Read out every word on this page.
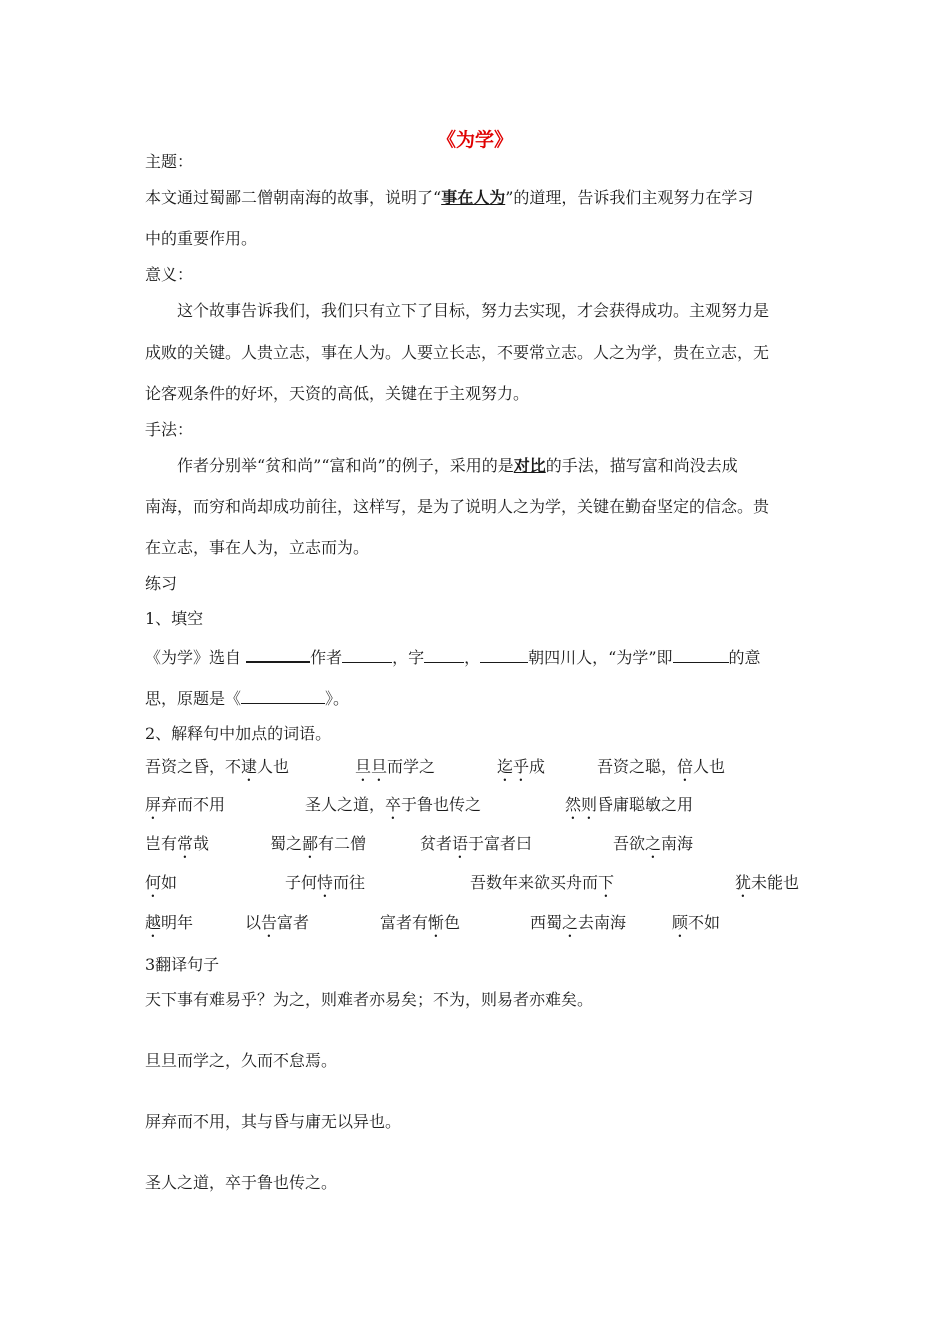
《为学》
主题：
本文通过蜀鄙二僧朝南海的故事，说明了“事在人为”的道理，告诉我们主观努力在学习
中的重要作用。
意义：
这个故事告诉我们，我们只有立下了目标，努力去实现，才会获得成功。主观努力是
成败的关键。人贵立志，事在人为。人要立长志，不要常立志。人之为学，贵在立志，无
论客观条件的好坏，天资的高低，关键在于主观努力。
手法：
作者分别举“贫和尚”“富和尚”的例子，采用的是对比的手法，描写富和尚没去成
南海，而穷和尚却成功前往，这样写，是为了说明人之为学，关键在勤奋坚定的信念。贵
在立志，事在人为，立志而为。
练习
1、填空
《为学》选自	作者	，字	，	朝四川人，“为学”即	的意
思，原题是《	》。
2、解释句中加点的词语。
吾资之昏，不逮人也	旦旦而学之	迄乎成	吾资之聪，倍人也
屏弃而不用	圣人之道，卒于鲁也传之	然则昏庸聪敏之用
岂有常哉	蜀之鄙有二僧	贫者语于富者曰	吾欲之南海
何如	子何恃而往	吾数年来欲买舟而下	犹未能也
越明年	以告富者	富者有惭色	西蜀之去南海	顾不如
3翻译句子
天下事有难易乎？为之，则难者亦易矣；不为，则易者亦难矣。
旦旦而学之，久而不怠焉。
屏弃而不用，其与昏与庸无以异也。
圣人之道，卒于鲁也传之。
